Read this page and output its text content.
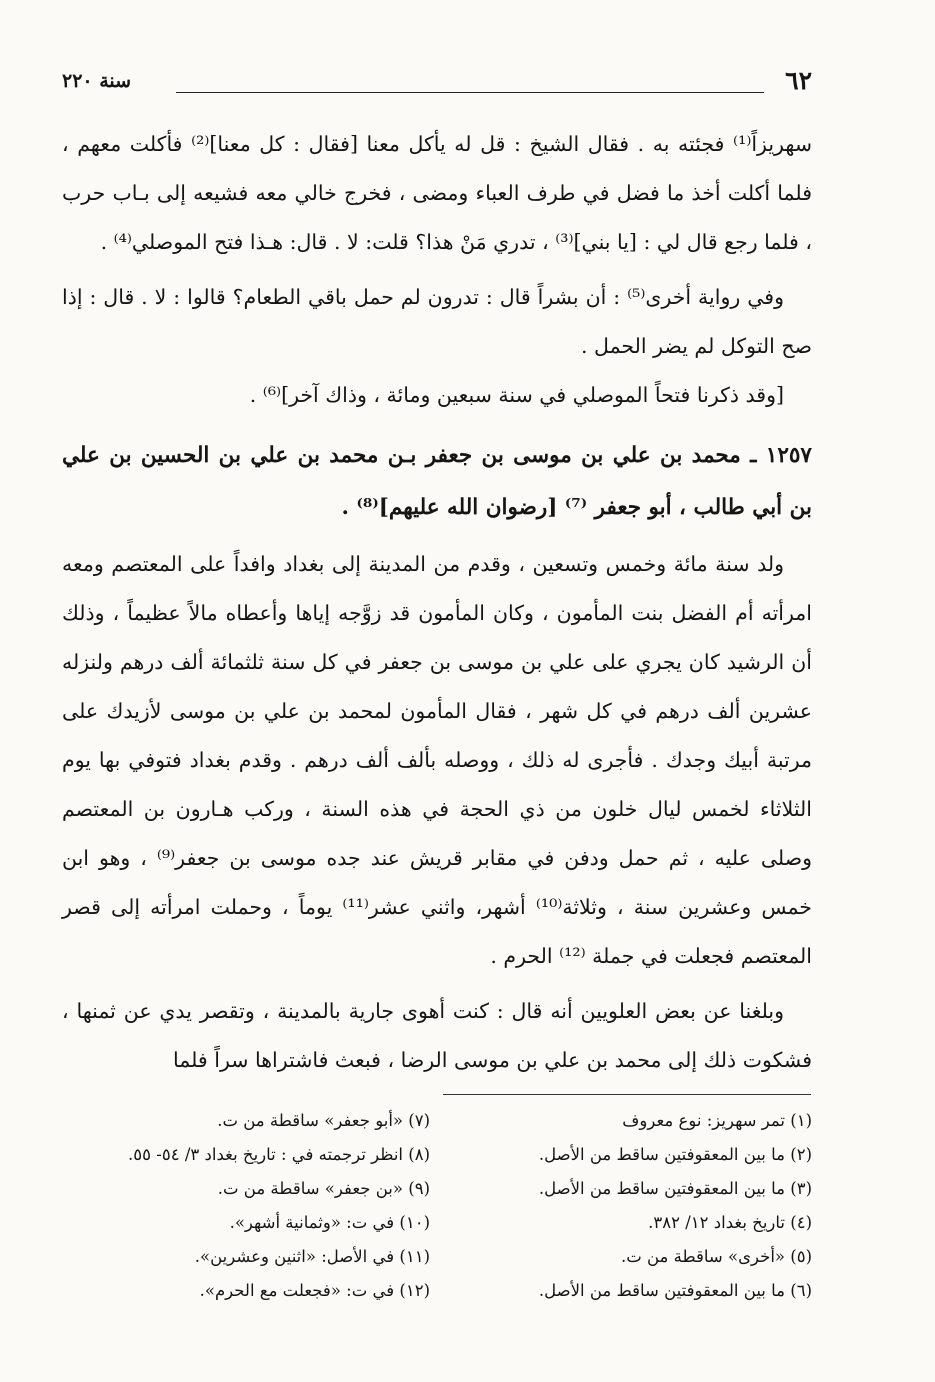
٦٢
سنة ٢٢٠

سهريزاً⁽¹⁾ فجئته به . فقال الشيخ : قل له يأكل معنا [فقال : كل معنا]⁽²⁾ فأكلت معهم ، فلما أكلت أخذ ما فضل في طرف العباء ومضى ، فخرج خالي معه فشيعه إلى بـاب حرب ، فلما رجع قال لي : [يا بني]⁽³⁾ ، تدري مَنْ هذا؟ قلت: لا . قال: هـذا فتح الموصلي⁽⁴⁾ .

وفي رواية أخرى⁽⁵⁾ : أن بشراً قال : تدرون لم حمل باقي الطعام؟ قالوا : لا . قال : إذا صح التوكل لم يضر الحمل .

[وقد ذكرنا فتحاً الموصلي في سنة سبعين ومائة ، وذاك آخر]⁽⁶⁾ .

١٢٥٧ ـ محمد بن علي بن موسى بن جعفر بـن محمد بن علي بن الحسين بن علي بن أبي طالب ، أبو جعفر ⁽⁷⁾ [رضوان الله عليهم]⁽⁸⁾ .

ولد سنة مائة وخمس وتسعين ، وقدم من المدينة إلى بغداد وافداً على المعتصم ومعه امرأته أم الفضل بنت المأمون ، وكان المأمون قد زوَّجه إياها وأعطاه مالاً عظيماً ، وذلك أن الرشيد كان يجري على علي بن موسى بن جعفر في كل سنة ثلثمائة ألف درهم ولنزله عشرين ألف درهم في كل شهر ، فقال المأمون لمحمد بن علي بن موسى لأزيدك على مرتبة أبيك وجدك . فأجرى له ذلك ، ووصله بألف ألف درهم . وقدم بغداد فتوفي بها يوم الثلاثاء لخمس ليال خلون من ذي الحجة في هذه السنة ، وركب هـارون بن المعتصم وصلى عليه ، ثم حمل ودفن في مقابر قريش عند جده موسى بن جعفر⁽⁹⁾ ، وهو ابن خمس وعشرين سنة ، وثلاثة⁽¹⁰⁾ أشهر، واثني عشر⁽¹¹⁾ يوماً ، وحملت امرأته إلى قصر المعتصم فجعلت في جملة ⁽¹²⁾ الحرم .

وبلغنا عن بعض العلويين أنه قال : كنت أهوى جارية بالمدينة ، وتقصر يدي عن ثمنها ، فشكوت ذلك إلى محمد بن علي بن موسى الرضا ، فبعث فاشتراها سراً فلما

(١) تمر سهريز: نوع معروف
(٢) ما بين المعقوفتين ساقط من الأصل.
(٣) ما بين المعقوفتين ساقط من الأصل.
(٤) تاريخ بغداد ١٢/ ٣٨٢.
(٥) «أخرى» ساقطة من ت.
(٦) ما بين المعقوفتين ساقط من الأصل.
(٧) «أبو جعفر» ساقطة من ت.
(٨) انظر ترجمته في : تاريخ بغداد ٣/ ٥٤- ٥٥.
(٩) «بن جعفر» ساقطة من ت.
(١٠) في ت: «وثمانية أشهر».
(١١) في الأصل: «اثنين وعشرين».
(١٢) في ت: «فجعلت مع الحرم».
